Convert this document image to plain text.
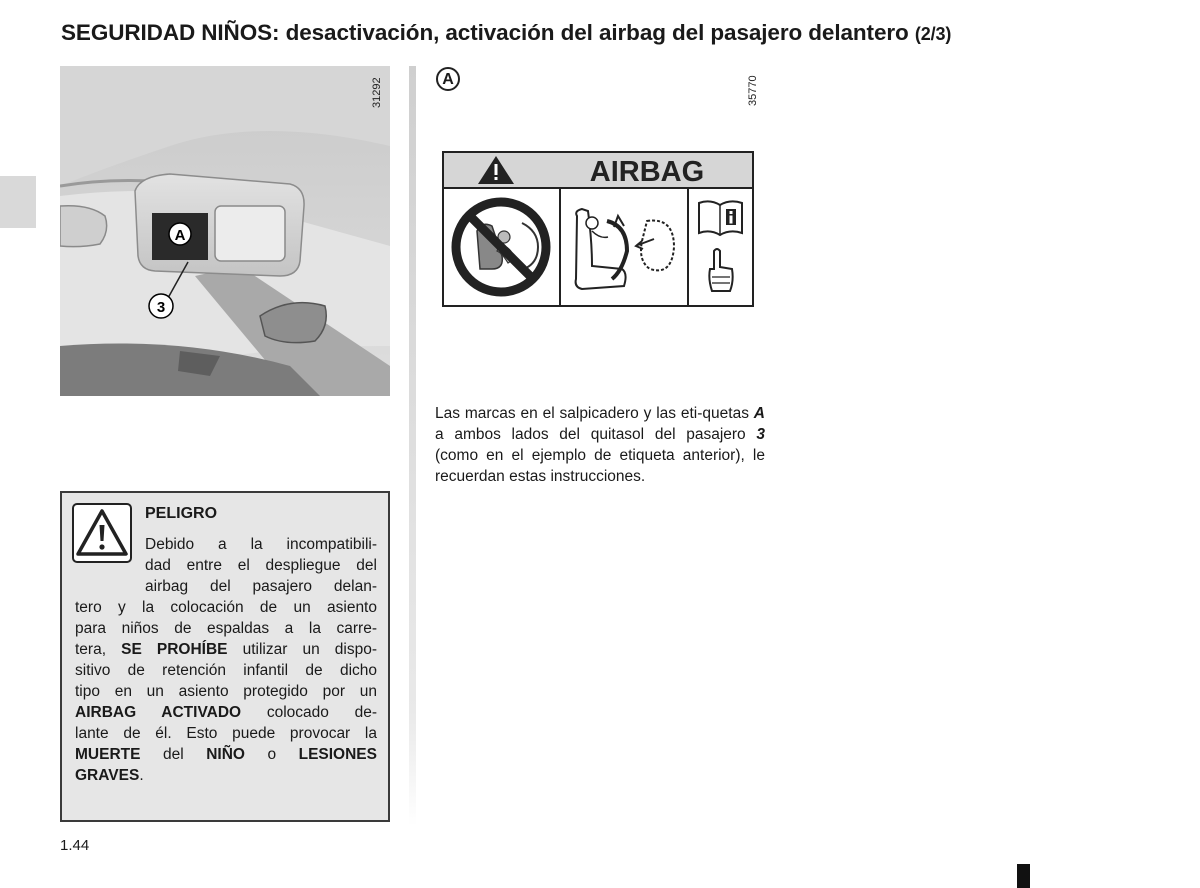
SEGURIDAD NIÑOS: desactivación, activación del airbag del pasajero delantero (2/3)
A
3
31292	A	35770
AIRBAG
Las marcas en el salpicadero y las eti-quetas A a ambos lados del quitasol del pasajero 3 (como en el ejemplo de etiqueta anterior), le recuerdan estas instrucciones.
PELIGRO
Debido a la incompatibili-
dad entre el despliegue del
airbag del pasajero delan-
tero y la colocación de un asiento
para niños de espaldas a la carre-
tera, SE PROHÍBE utilizar un dispo-
sitivo de retención infantil de dicho
tipo en un asiento protegido por un
AIRBAG ACTIVADO colocado de-
lante de él. Esto puede provocar la
MUERTE del NIÑO o LESIONES
GRAVES.
1.44
